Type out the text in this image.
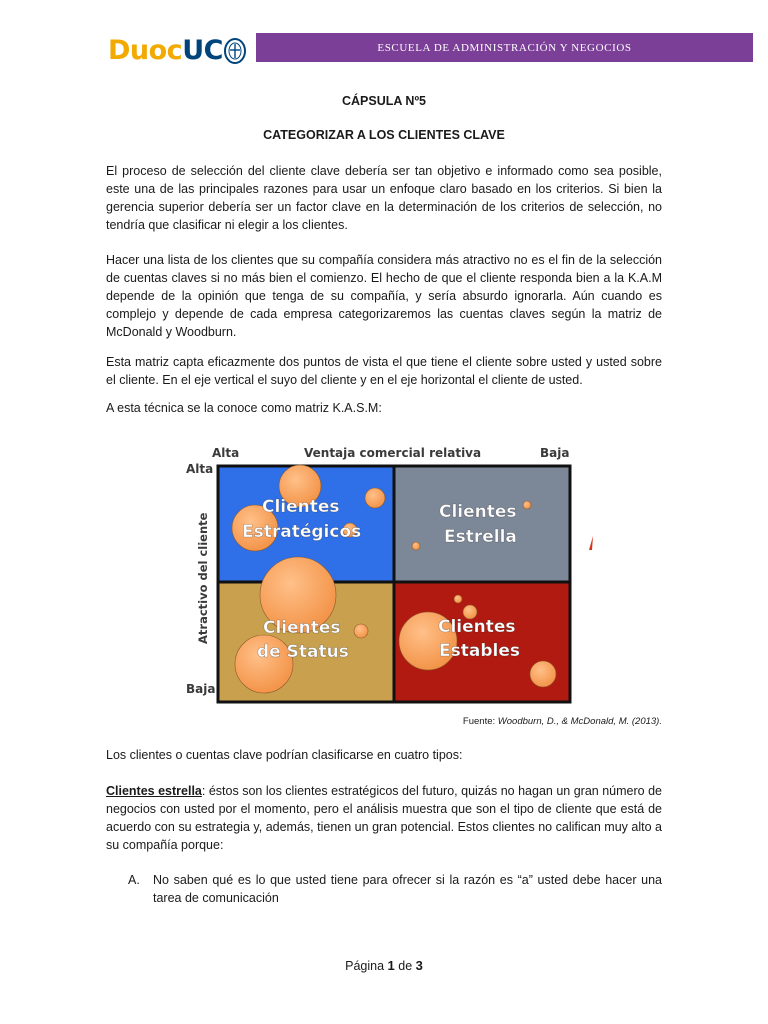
Duoc UC	ESCUELA DE ADMINISTRACIÓN Y NEGOCIOS
CÁPSULA Nº5
CATEGORIZAR A LOS CLIENTES CLAVE

El proceso de selección del cliente clave debería ser tan objetivo e informado como sea posible, este una de las principales razones para usar un enfoque claro basado en los criterios. Si bien la gerencia superior debería ser un factor clave en la determinación de los criterios de selección, no tendría que clasificar ni elegir a los clientes.

Hacer una lista de los clientes que su compañía considera más atractivo no es el fin de la selección de cuentas claves si no más bien el comienzo. El hecho de que el cliente responda bien a la K.A.M depende de la opinión que tenga de su compañía, y sería absurdo ignorarla. Aún cuando es complejo y depende de cada empresa categorizaremos las cuentas claves según la matriz de McDonald y Woodburn.

Esta matriz capta eficazmente dos puntos de vista el que tiene el cliente sobre usted y usted sobre el cliente. En el eje vertical el suyo del cliente y en el eje horizontal el cliente de usted.

A esta técnica se la conoce como matriz K.A.S.M:

Alta	Ventaja comercial relativa	Baja
Alta
Baja
Atractivo del cliente
Clientes
Estratégicos
Clientes
Estrella
Clientes
de Status
Clientes
Estables
Fuente: Woodburn, D., & McDonald, M. (2013).

Los clientes o cuentas clave podrían clasificarse en cuatro tipos:

Clientes estrella: éstos son los clientes estratégicos del futuro, quizás no hagan un gran número de negocios con usted por el momento, pero el análisis muestra que son el tipo de cliente que está de acuerdo con su estrategia y, además, tienen un gran potencial. Estos clientes no califican muy alto a su compañía porque:

A. No saben qué es lo que usted tiene para ofrecer si la razón es “a” usted debe hacer una tarea de comunicación
Página 1 de 3
